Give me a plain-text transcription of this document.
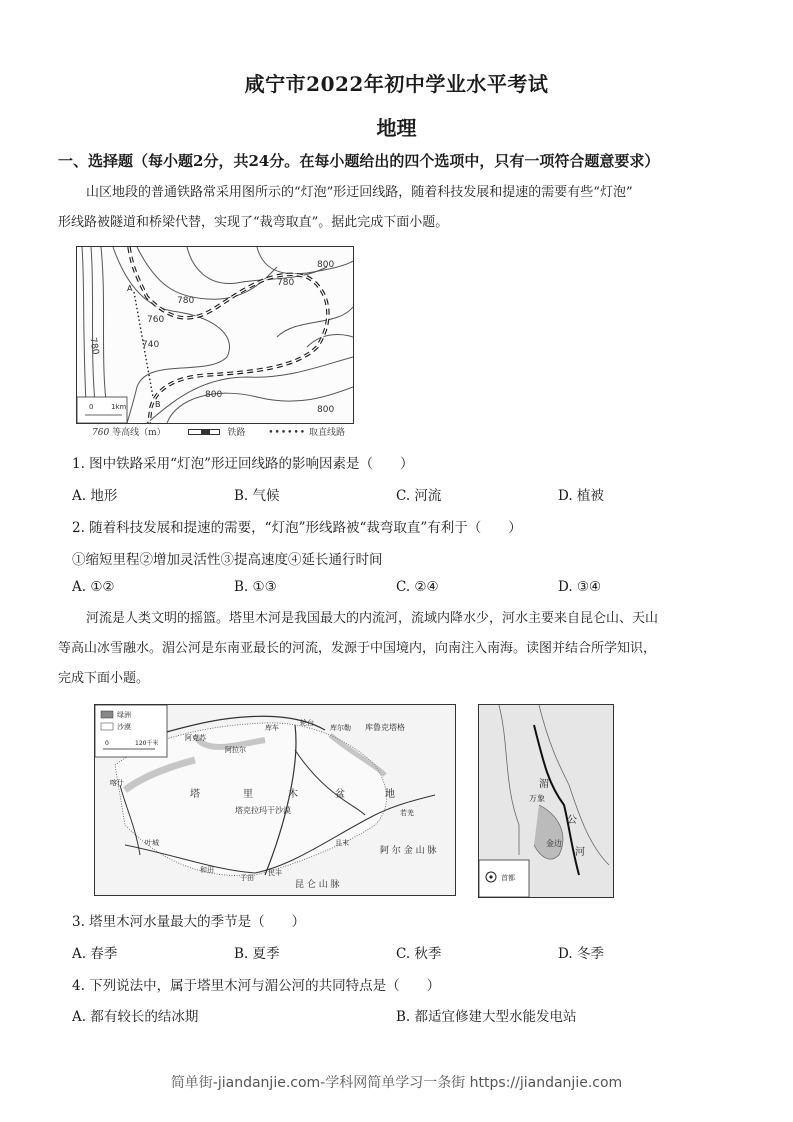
咸宁市2022年初中学业水平考试
地理
一、选择题（每小题2分，共24分。在每小题给出的四个选项中，只有一项符合题意要求）
山区地段的普通铁路常采用图所示的“灯泡”形迂回线路，随着科技发展和提速的需要有些“灯泡”
形线路被隧道和桥梁代替，实现了“裁弯取直”。据此完成下面小题。
A
B
800
780
780
760
740
780
800
800
0	1km
760 等高线（m）	铁路	•••••• 取直线路
1. 图中铁路采用“灯泡”形迂回线路的影响因素是（　　）
A. 地形	B. 气候	C. 河流	D. 植被
2. 随着科技发展和提速的需要，“灯泡”形线路被“裁弯取直”有利于（　　）
①缩短里程②增加灵活性③提高速度④延长通行时间
A. ①②	B. ①③	C. ②④	D. ③④
河流是人类文明的摇篮。塔里木河是我国最大的内流河，流域内降水少，河水主要来自昆仑山、天山
等高山冰雪融水。湄公河是东南亚最长的河流，发源于中国境内，向南注入南海。读图并结合所学知识，
完成下面小题。
绿洲
沙漠
0	120千米
阿克苏
阿拉尔
库车
轮台
库尔勒 库鲁克塔格
喀什
叶城
和田
于田
民丰
且末
若羌
塔	里	木	盆	地
塔克拉玛干沙漠
阿 尔 金 山 脉
昆 仑 山 脉
首都
湄
万象
公
金边
河
3. 塔里木河水量最大的季节是（　　）
A. 春季	B. 夏季	C. 秋季	D. 冬季
4. 下列说法中，属于塔里木河与湄公河的共同特点是（　　）
A. 都有较长的结冰期	B. 都适宜修建大型水能发电站
简单街-jiandanjie.com-学科网简单学习一条街 https://jiandanjie.com
